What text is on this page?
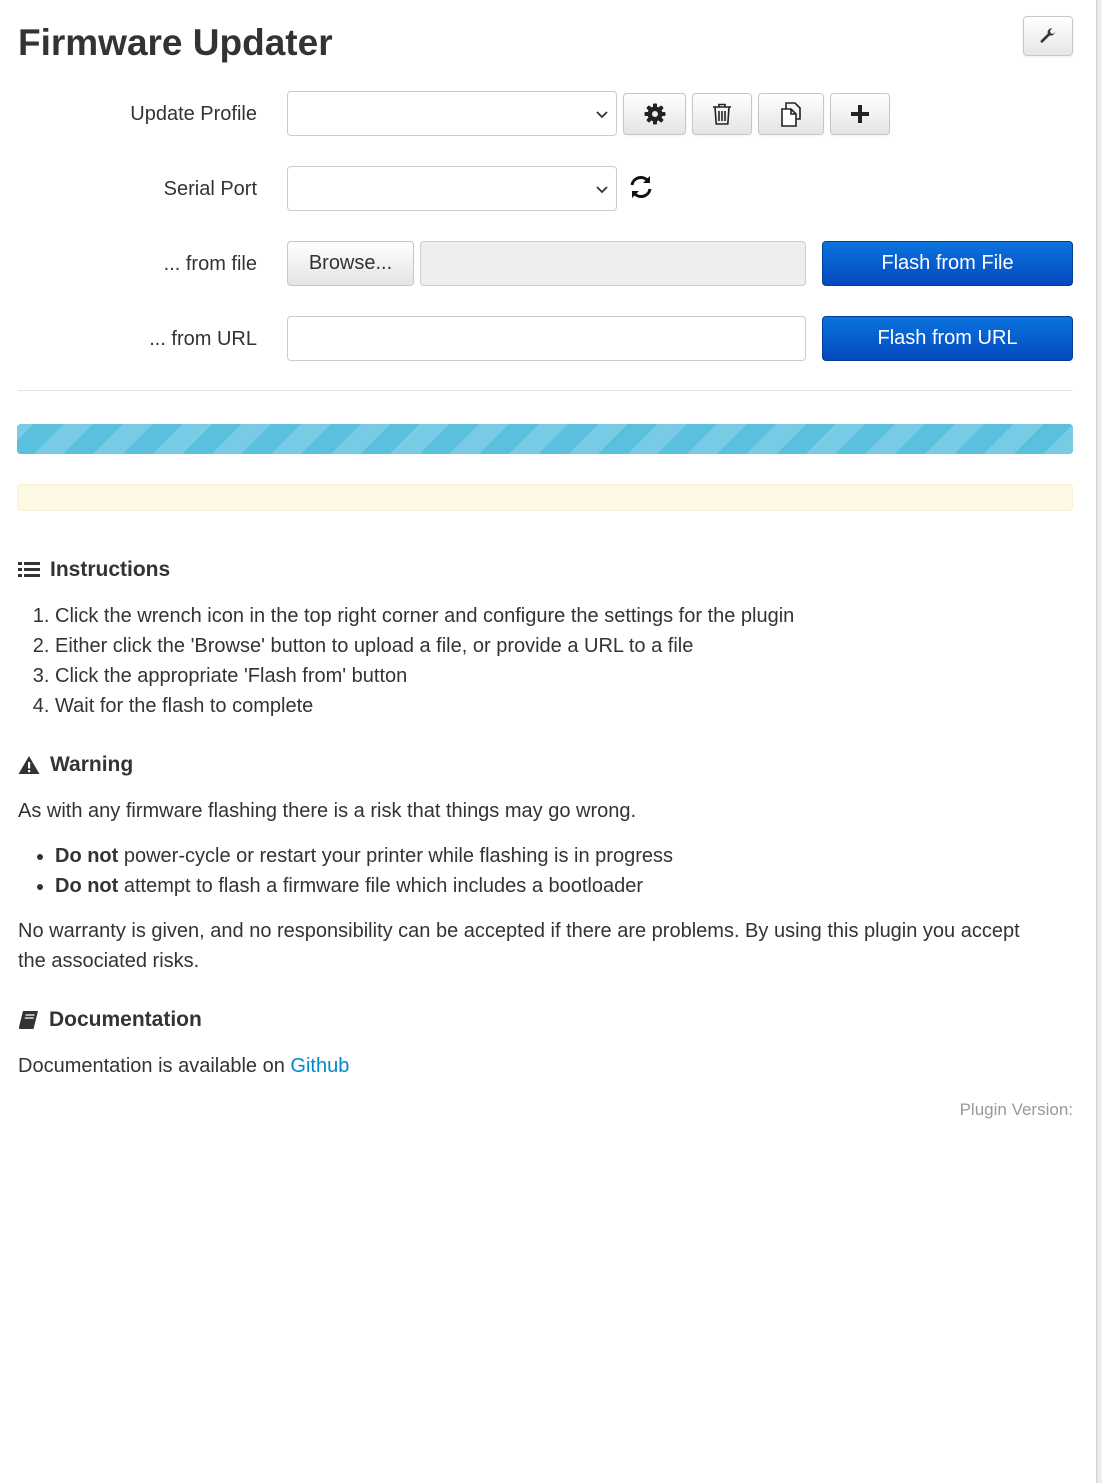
Firmware Updater
Update Profile
Serial Port
... from file	Browse...	Flash from File
... from URL	Flash from URL
Instructions
1. Click the wrench icon in the top right corner and configure the settings for the plugin
2. Either click the 'Browse' button to upload a file, or provide a URL to a file
3. Click the appropriate 'Flash from' button
4. Wait for the flash to complete
Warning

As with any firmware flashing there is a risk that things may go wrong.

• Do not power-cycle or restart your printer while flashing is in progress
• Do not attempt to flash a firmware file which includes a bootloader

No warranty is given, and no responsibility can be accepted if there are problems. By using this plugin you accept
the associated risks.

Documentation

Documentation is available on Github

Plugin Version:
